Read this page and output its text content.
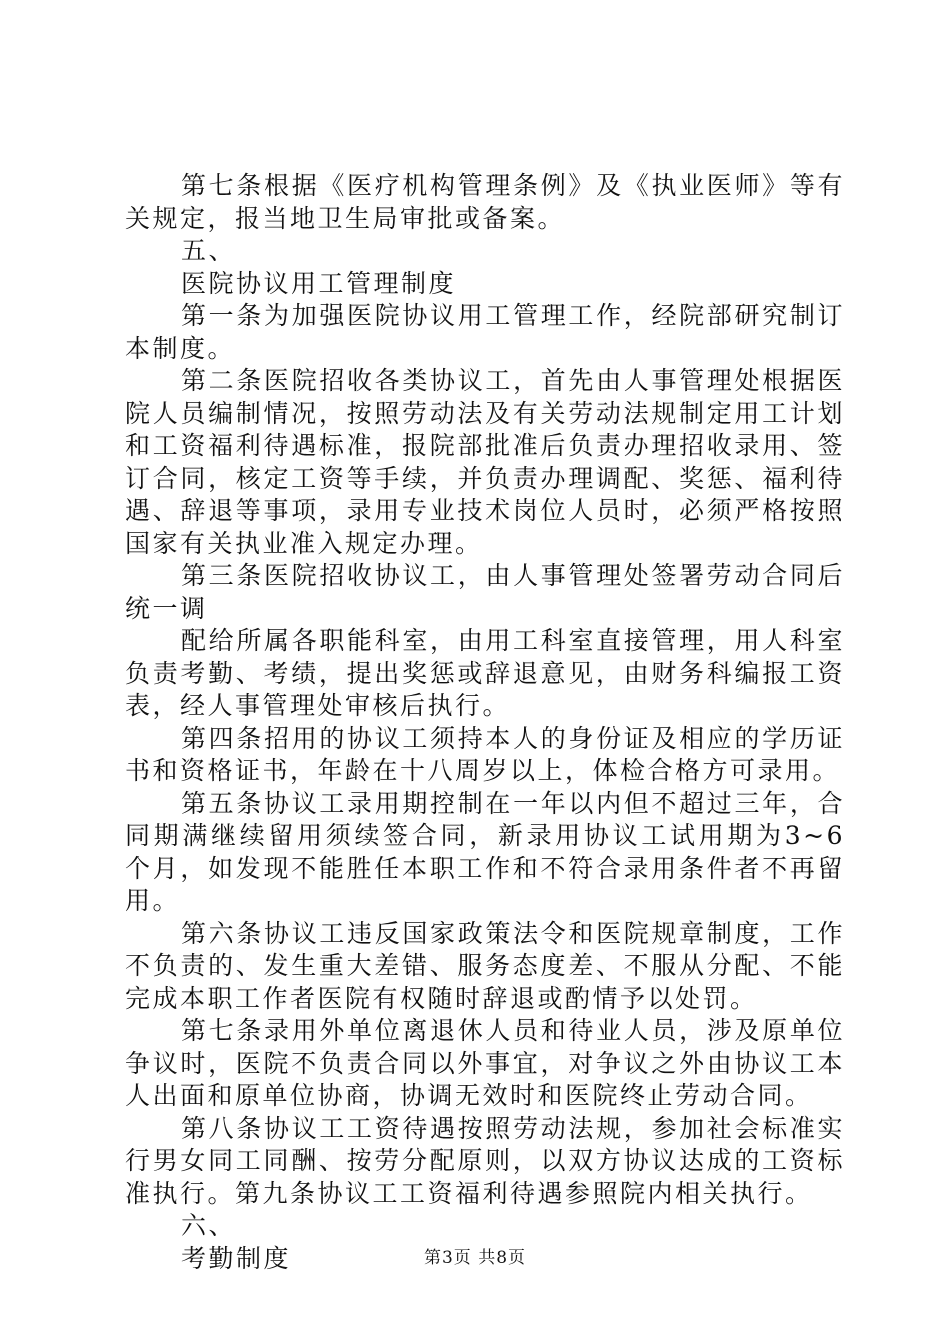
第七条根据《医疗机构管理条例》及《执业医师》等有关规定，报当地卫生局审批或备案。

五、

医院协议用工管理制度

第一条为加强医院协议用工管理工作，经院部研究制订本制度。

第二条医院招收各类协议工，首先由人事管理处根据医院人员编制情况，按照劳动法及有关劳动法规制定用工计划和工资福利待遇标准，报院部批准后负责办理招收录用、签订合同，核定工资等手续，并负责办理调配、奖惩、福利待遇、辞退等事项，录用专业技术岗位人员时，必须严格按照国家有关执业准入规定办理。

第三条医院招收协议工，由人事管理处签署劳动合同后统一调

配给所属各职能科室，由用工科室直接管理，用人科室负责考勤、考绩，提出奖惩或辞退意见，由财务科编报工资表，经人事管理处审核后执行。

第四条招用的协议工须持本人的身份证及相应的学历证书和资格证书，年龄在十八周岁以上，体检合格方可录用。

第五条协议工录用期控制在一年以内但不超过三年，合同期满继续留用须续签合同，新录用协议工试用期为3~6个月，如发现不能胜任本职工作和不符合录用条件者不再留用。

第六条协议工违反国家政策法令和医院规章制度，工作不负责的、发生重大差错、服务态度差、不服从分配、不能完成本职工作者医院有权随时辞退或酌情予以处罚。

第七条录用外单位离退休人员和待业人员，涉及原单位争议时，医院不负责合同以外事宜，对争议之外由协议工本人出面和原单位协商，协调无效时和医院终止劳动合同。

第八条协议工工资待遇按照劳动法规，参加社会标准实行男女同工同酬、按劳分配原则，以双方协议达成的工资标准执行。第九条协议工工资福利待遇参照院内相关执行。

六、

考勤制度	第3页 共8页
